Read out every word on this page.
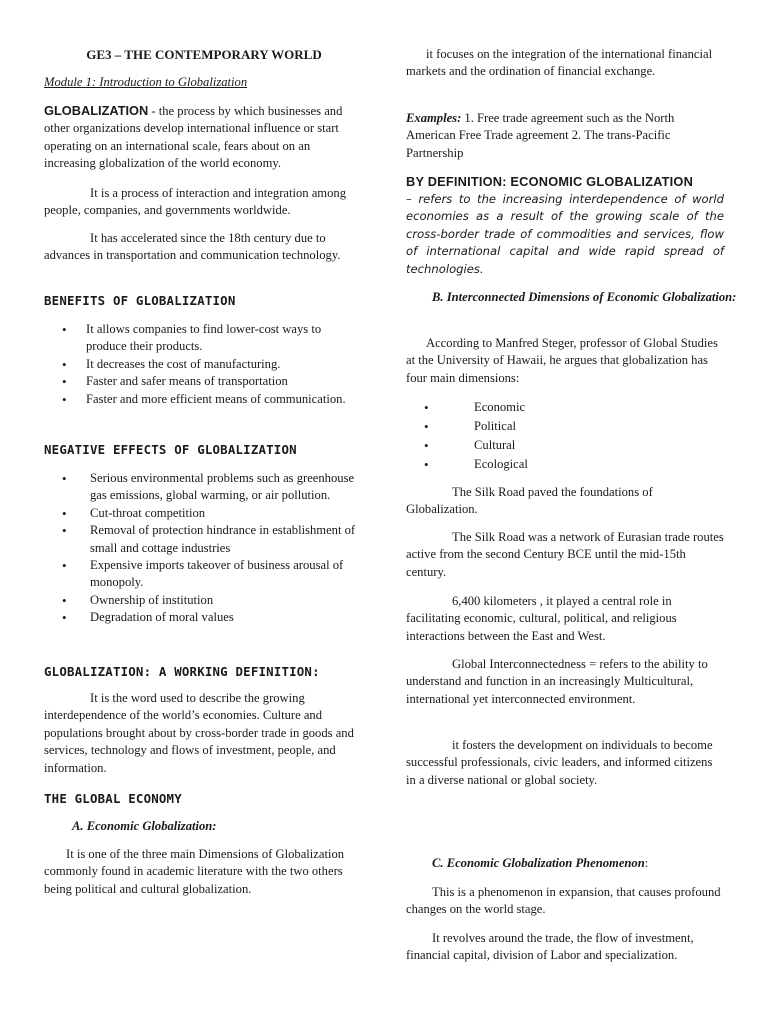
GE3 – THE CONTEMPORARY WORLD

Module 1: Introduction to Globalization

GLOBALIZATION - the process by which businesses and other organizations develop international influence or start operating on an international scale, fears about on an increasing globalization of the world economy.

It is a process of interaction and integration among people, companies, and governments worldwide.

It has accelerated since the 18th century due to advances in transportation and communication technology.

BENEFITS OF GLOBALIZATION

• It allows companies to find lower-cost ways to produce their products.
• It decreases the cost of manufacturing.
• Faster and safer means of transportation
• Faster and more efficient means of communication.

NEGATIVE EFFECTS OF GLOBALIZATION

• Serious environmental problems such as greenhouse gas emissions, global warming, or air pollution.
• Cut-throat competition
• Removal of protection hindrance in establishment of small and cottage industries
• Expensive imports takeover of business arousal of monopoly.
• Ownership of institution
• Degradation of moral values

GLOBALIZATION: A WORKING DEFINITION:

It is the word used to describe the growing interdependence of the world’s economies. Culture and populations brought about by cross-border trade in goods and services, technology and flows of investment, people, and information.

THE GLOBAL ECONOMY

A. Economic Globalization:

It is one of the three main Dimensions of Globalization commonly found in academic literature with the two others being political and cultural globalization.

it focuses on the integration of the international financial markets and the ordination of financial exchange.

Examples: 1. Free trade agreement such as the North American Free Trade agreement 2. The trans-Pacific Partnership

BY DEFINITION: ECONOMIC GLOBALIZATION

– refers to the increasing interdependence of world economies as a result of the growing scale of the cross-border trade of commodities and services, flow of international capital and wide rapid spread of technologies.

B. Interconnected Dimensions of Economic Globalization:

According to Manfred Steger, professor of Global Studies at the University of Hawaii, he argues that globalization has four main dimensions:

• Economic
• Political
• Cultural
• Ecological

The Silk Road paved the foundations of Globalization.

The Silk Road was a network of Eurasian trade routes active from the second Century BCE until the mid-15th century.

6,400 kilometers , it played a central role in facilitating economic, cultural, political, and religious interactions between the East and West.

Global Interconnectedness = refers to the ability to understand and function in an increasingly Multicultural, international yet interconnected environment.

it fosters the development on individuals to become successful professionals, civic leaders, and informed citizens in a diverse national or global society.

C. Economic Globalization Phenomenon:

This is a phenomenon in expansion, that causes profound changes on the world stage.

It revolves around the trade, the flow of investment, financial capital, division of Labor and specialization.
